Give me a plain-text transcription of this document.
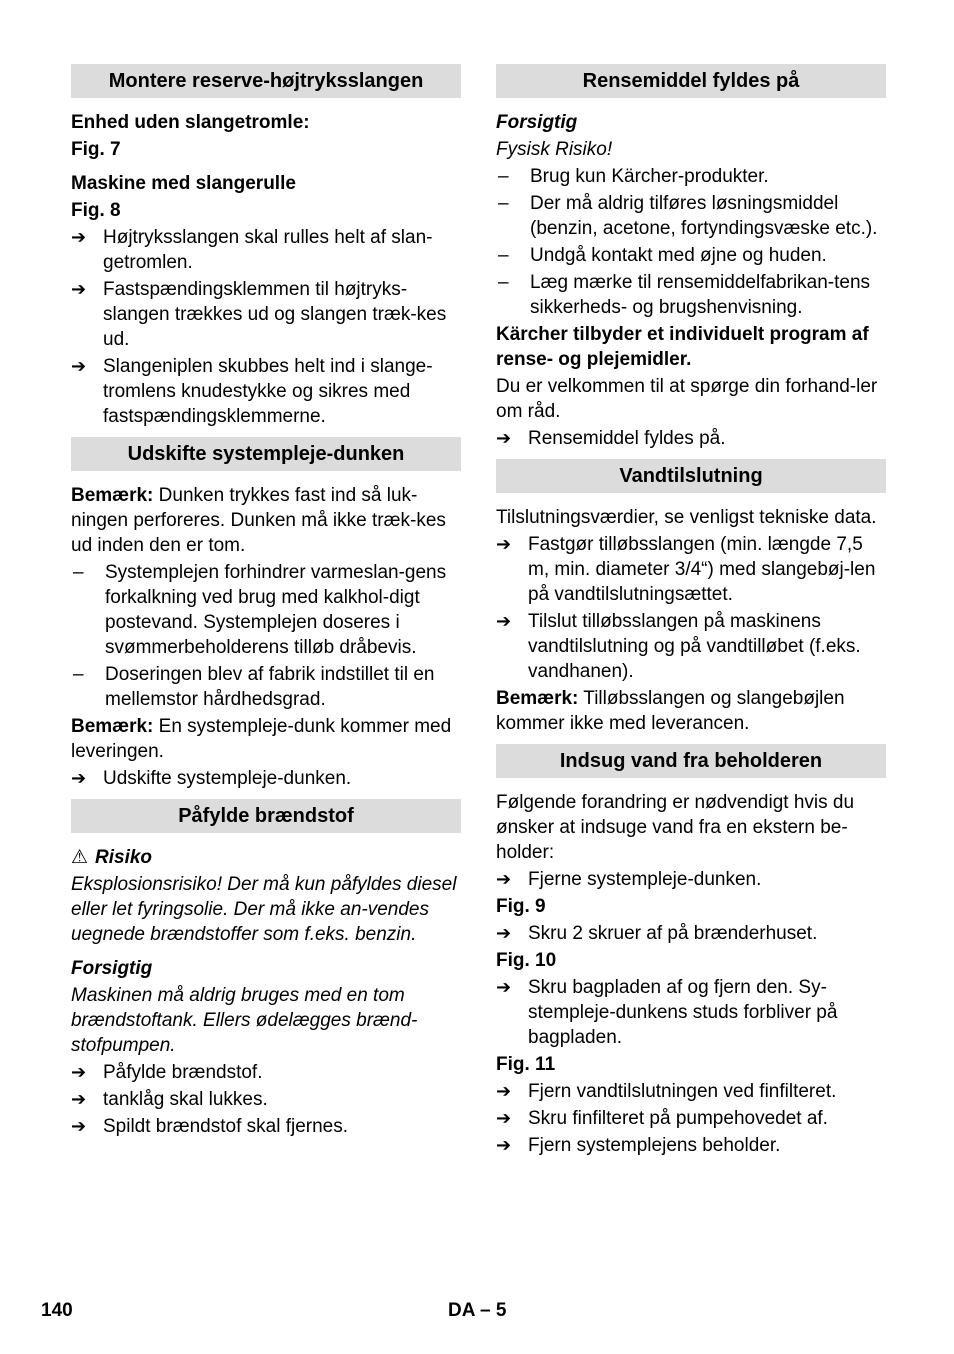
Montere reserve-højtryksslangen

Enhed uden slangetromle:

Fig. 7

Maskine med slangerulle

Fig. 8

➔ Højtryksslangen skal rulles helt af slan-getromlen.
➔ Fastspændingsklemmen til højtryks-slangen trækkes ud og slangen træk-kes ud.
➔ Slangeniplen skubbes helt ind i slange-tromlens knudestykke og sikres med fastspændingsklemmerne.
Udskifte systempleje-dunken

Bemærk: Dunken trykkes fast ind så luk-ningen perforeres. Dunken må ikke træk-kes ud inden den er tom.

–	Systemplejen forhindrer varmeslan-gens forkalkning ved brug med kalkhol-digt postevand. Systemplejen doseres i svømmerbeholderens tilløb dråbevis.
–	Doseringen blev af fabrik indstillet til en mellemstor hårdhedsgrad.

Bemærk: En systempleje-dunk kommer med leveringen.

➔ Udskifte systempleje-dunken.
Påfylde brændstof

⚠ Risiko

Eksplosionsrisiko! Der må kun påfyldes diesel eller let fyringsolie. Der må ikke an-vendes uegnede brændstoffer som f.eks. benzin.

Forsigtig

Maskinen må aldrig bruges med en tom brændstoftank. Ellers ødelægges brænd-stofpumpen.

➔ Påfylde brændstof.
➔ tanklåg skal lukkes.
➔ Spildt brændstof skal fjernes.
Rensemiddel fyldes på

Forsigtig

Fysisk Risiko!

–	Brug kun Kärcher-produkter.
–	Der må aldrig tilføres løsningsmiddel (benzin, acetone, fortyndingsvæske etc.).
–	Undgå kontakt med øjne og huden.
–	Læg mærke til rensemiddelfabrikan-tens sikkerheds- og brugshenvisning.

Kärcher tilbyder et individuelt program af rense- og plejemidler.

Du er velkommen til at spørge din forhand-ler om råd.

➔ Rensemiddel fyldes på.
Vandtilslutning

Tilslutningsværdier, se venligst tekniske data.

➔ Fastgør tilløbsslangen (min. længde 7,5 m, min. diameter 3/4“) med slangebøj-len på vandtilslutningsættet.
➔ Tilslut tilløbsslangen på maskinens vandtilslutning og på vandtilløbet (f.eks. vandhanen).

Bemærk: Tilløbsslangen og slangebøjlen kommer ikke med leverancen.

Indsug vand fra beholderen

Følgende forandring er nødvendigt hvis du ønsker at indsuge vand fra en ekstern be-holder:

➔ Fjerne systempleje-dunken.

Fig. 9

➔ Skru 2 skruer af på brænderhuset.

Fig. 10

➔ Skru bagpladen af og fjern den. Sy-stempleje-dunkens studs forbliver på bagpladen.

Fig. 11

➔ Fjern vandtilslutningen ved finfilteret.
➔ Skru finfilteret på pumpehovedet af.
➔ Fjern systemplejens beholder.
140	DA – 5
